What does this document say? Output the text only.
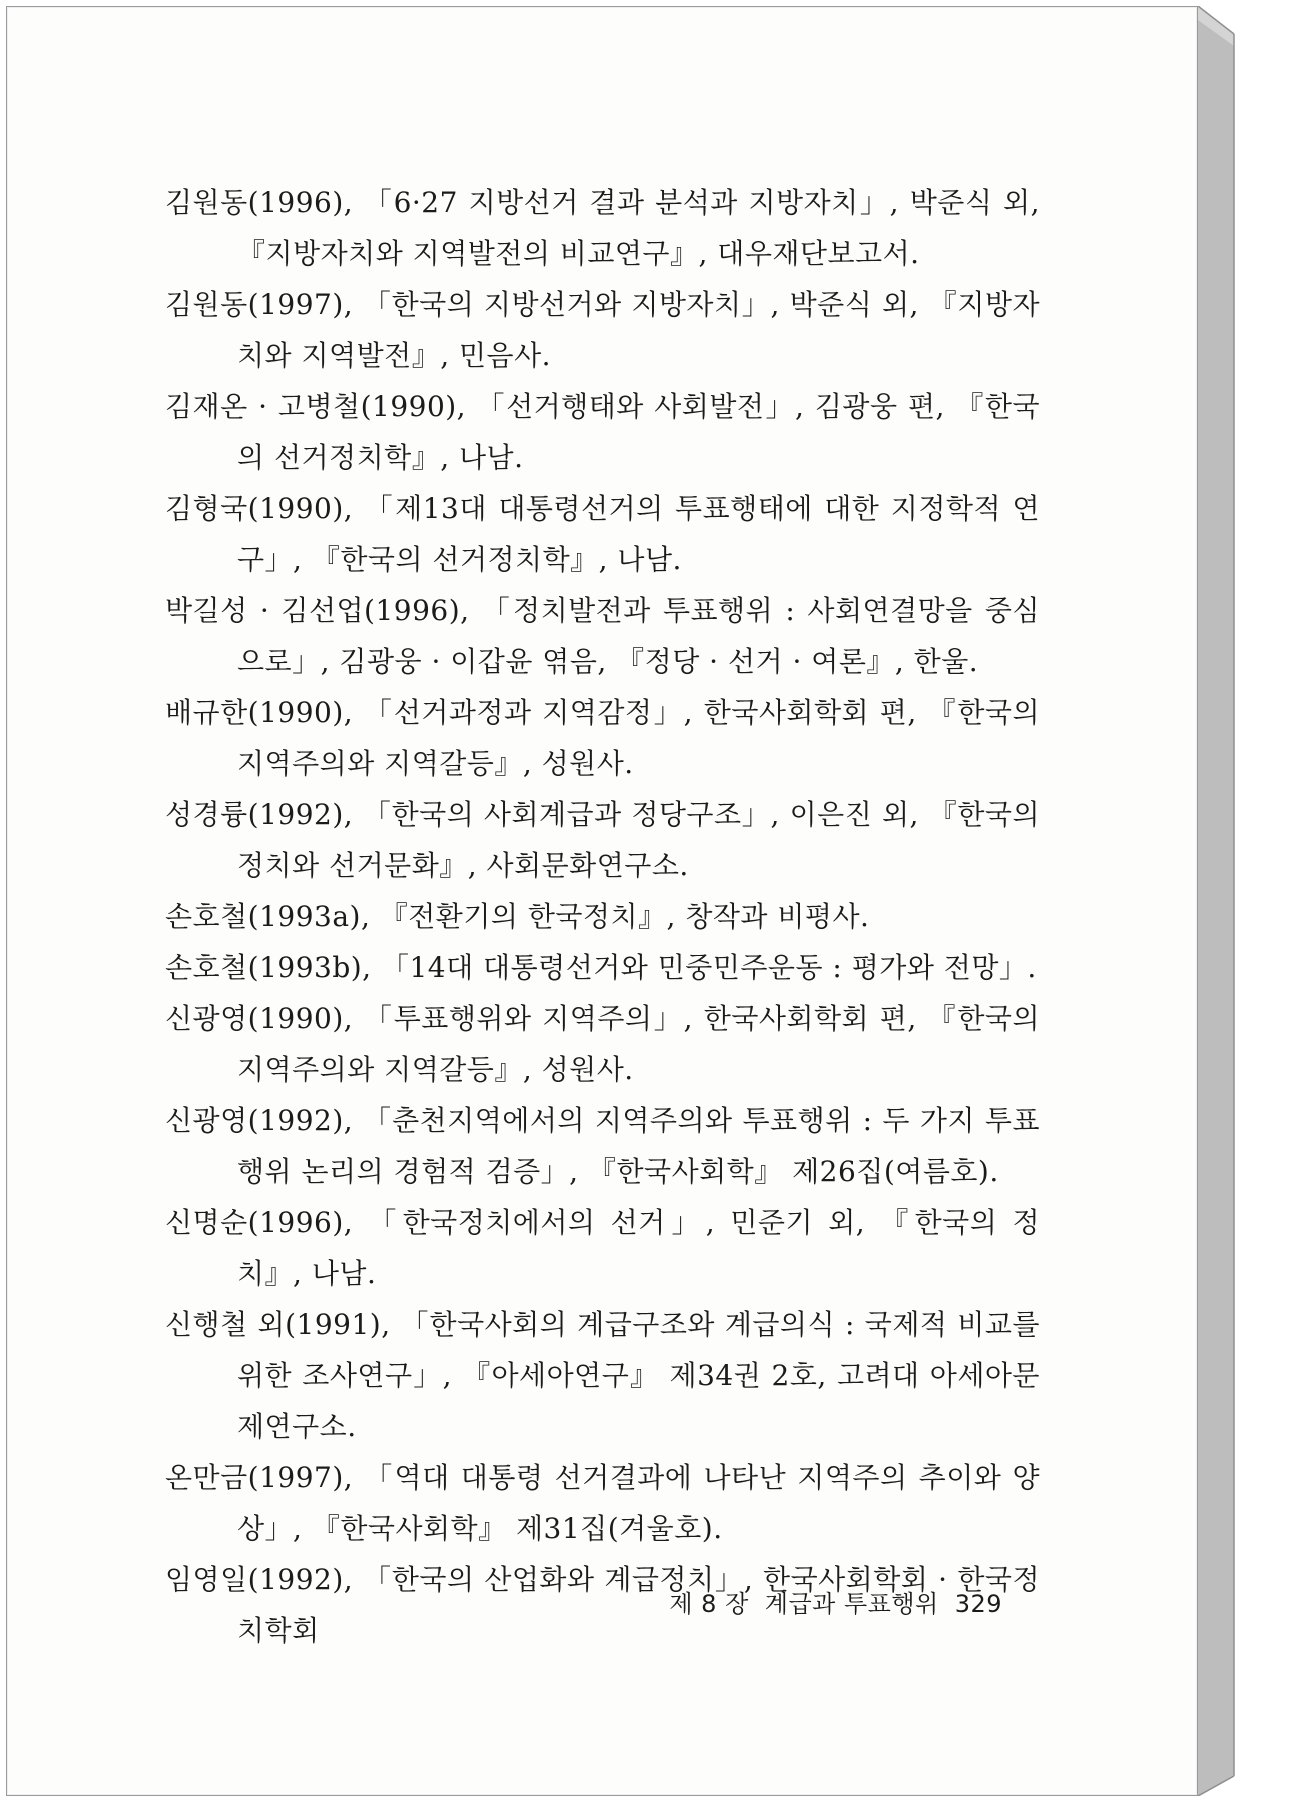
김원동(1996), 「6·27 지방선거 결과 분석과 지방자치」, 박준식 외, 『지방자치와 지역발전의 비교연구』, 대우재단보고서.
김원동(1997), 「한국의 지방선거와 지방자치」, 박준식 외, 『지방자치와 지역발전』, 민음사.
김재온 · 고병철(1990), 「선거행태와 사회발전」, 김광웅 편, 『한국의 선거정치학』, 나남.
김형국(1990), 「제13대 대통령선거의 투표행태에 대한 지정학적 연구」, 『한국의 선거정치학』, 나남.
박길성 · 김선업(1996), 「정치발전과 투표행위 : 사회연결망을 중심으로」, 김광웅 · 이갑윤 엮음, 『정당 · 선거 · 여론』, 한울.
배규한(1990), 「선거과정과 지역감정」, 한국사회학회 편, 『한국의 지역주의와 지역갈등』, 성원사.
성경륭(1992), 「한국의 사회계급과 정당구조」, 이은진 외, 『한국의 정치와 선거문화』, 사회문화연구소.
손호철(1993a), 『전환기의 한국정치』, 창작과 비평사.
손호철(1993b), 「14대 대통령선거와 민중민주운동 : 평가와 전망」.
신광영(1990), 「투표행위와 지역주의」, 한국사회학회 편, 『한국의 지역주의와 지역갈등』, 성원사.
신광영(1992), 「춘천지역에서의 지역주의와 투표행위 : 두 가지 투표행위 논리의 경험적 검증」, 『한국사회학』 제26집(여름호).
신명순(1996), 「한국정치에서의 선거」, 민준기 외, 『한국의 정치』, 나남.
신행철 외(1991), 「한국사회의 계급구조와 계급의식 : 국제적 비교를 위한 조사연구」, 『아세아연구』 제34권 2호, 고려대 아세아문제연구소.
온만금(1997), 「역대 대통령 선거결과에 나타난 지역주의 추이와 양상」, 『한국사회학』 제31집(겨울호).
임영일(1992), 「한국의 산업화와 계급정치」, 한국사회학회 · 한국정치학회
제 8 장 계급과 투표행위 329
